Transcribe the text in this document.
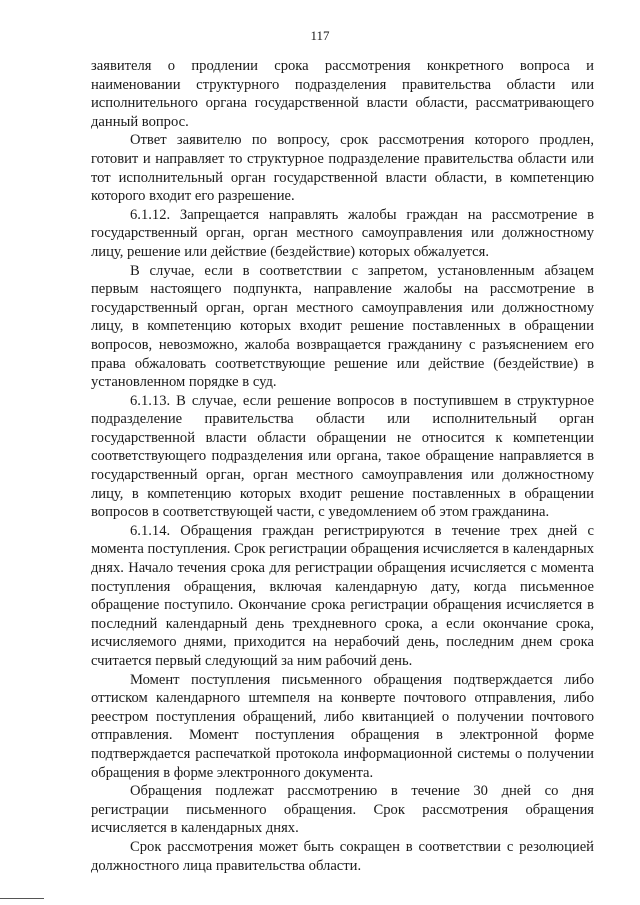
117

заявителя о продлении срока рассмотрения конкретного вопроса и наименовании структурного подразделения правительства области или исполнительного органа государственной власти области, рассматривающего данный вопрос.

Ответ заявителю по вопросу, срок рассмотрения которого продлен, готовит и направляет то структурное подразделение правительства области или тот исполнительный орган государственной власти области, в компетенцию которого входит его разрешение.

6.1.12. Запрещается направлять жалобы граждан на рассмотрение в государственный орган, орган местного самоуправления или должностному лицу, решение или действие (бездействие) которых обжалуется.

В случае, если в соответствии с запретом, установленным абзацем первым настоящего подпункта, направление жалобы на рассмотрение в государственный орган, орган местного самоуправления или должностному лицу, в компетенцию которых входит решение поставленных в обращении вопросов, невозможно, жалоба возвращается гражданину с разъяснением его права обжаловать соответствующие решение или действие (бездействие) в установленном порядке в суд.

6.1.13. В случае, если решение вопросов в поступившем в структурное подразделение правительства области или исполнительный орган государственной власти области обращении не относится к компетенции соответствующего подразделения или органа, такое обращение направляется в государственный орган, орган местного самоуправления или должностному лицу, в компетенцию которых входит решение поставленных в обращении вопросов в соответствующей части, с уведомлением об этом гражданина.

6.1.14. Обращения граждан регистрируются в течение трех дней с момента поступления. Срок регистрации обращения исчисляется в календарных днях. Начало течения срока для регистрации обращения исчисляется с момента поступления обращения, включая календарную дату, когда письменное обращение поступило. Окончание срока регистрации обращения исчисляется в последний календарный день трехдневного срока, а если окончание срока, исчисляемого днями, приходится на нерабочий день, последним днем срока считается первый следующий за ним рабочий день.

Момент поступления письменного обращения подтверждается либо оттиском календарного штемпеля на конверте почтового отправления, либо реестром поступления обращений, либо квитанцией о получении почтового отправления. Момент поступления обращения в электронной форме подтверждается распечаткой протокола информационной системы о получении обращения в форме электронного документа.

Обращения подлежат рассмотрению в течение 30 дней со дня регистрации письменного обращения. Срок рассмотрения обращения исчисляется в календарных днях.

Срок рассмотрения может быть сокращен в соответствии с резолюцией должностного лица правительства области.
